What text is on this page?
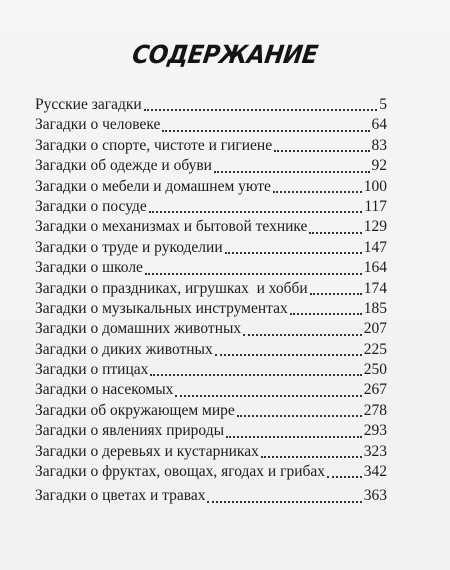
СОДЕРЖАНИЕ
Русские загадки	5
Загадки о человеке	64
Загадки о спорте, чистоте и гигиене	83
Загадки об одежде и обуви	92
Загадки о мебели и домашнем уюте	100
Загадки о посуде	117
Загадки о механизмах и бытовой технике	129
Загадки о труде и рукоделии	147
Загадки о школе	164
Загадки о праздниках, игрушках  и хобби	174
Загадки о музыкальных инструментах	185
Загадки о домашних животных	207
Загадки о диких животных	225
Загадки о птицах	250
Загадки о насекомых	267
Загадки об окружающем мире	278
Загадки о явлениях природы	293
Загадки о деревьях и кустарниках	323
Загадки о фруктах, овощах, ягодах и грибах 342
Загадки о цветах и травах	363
